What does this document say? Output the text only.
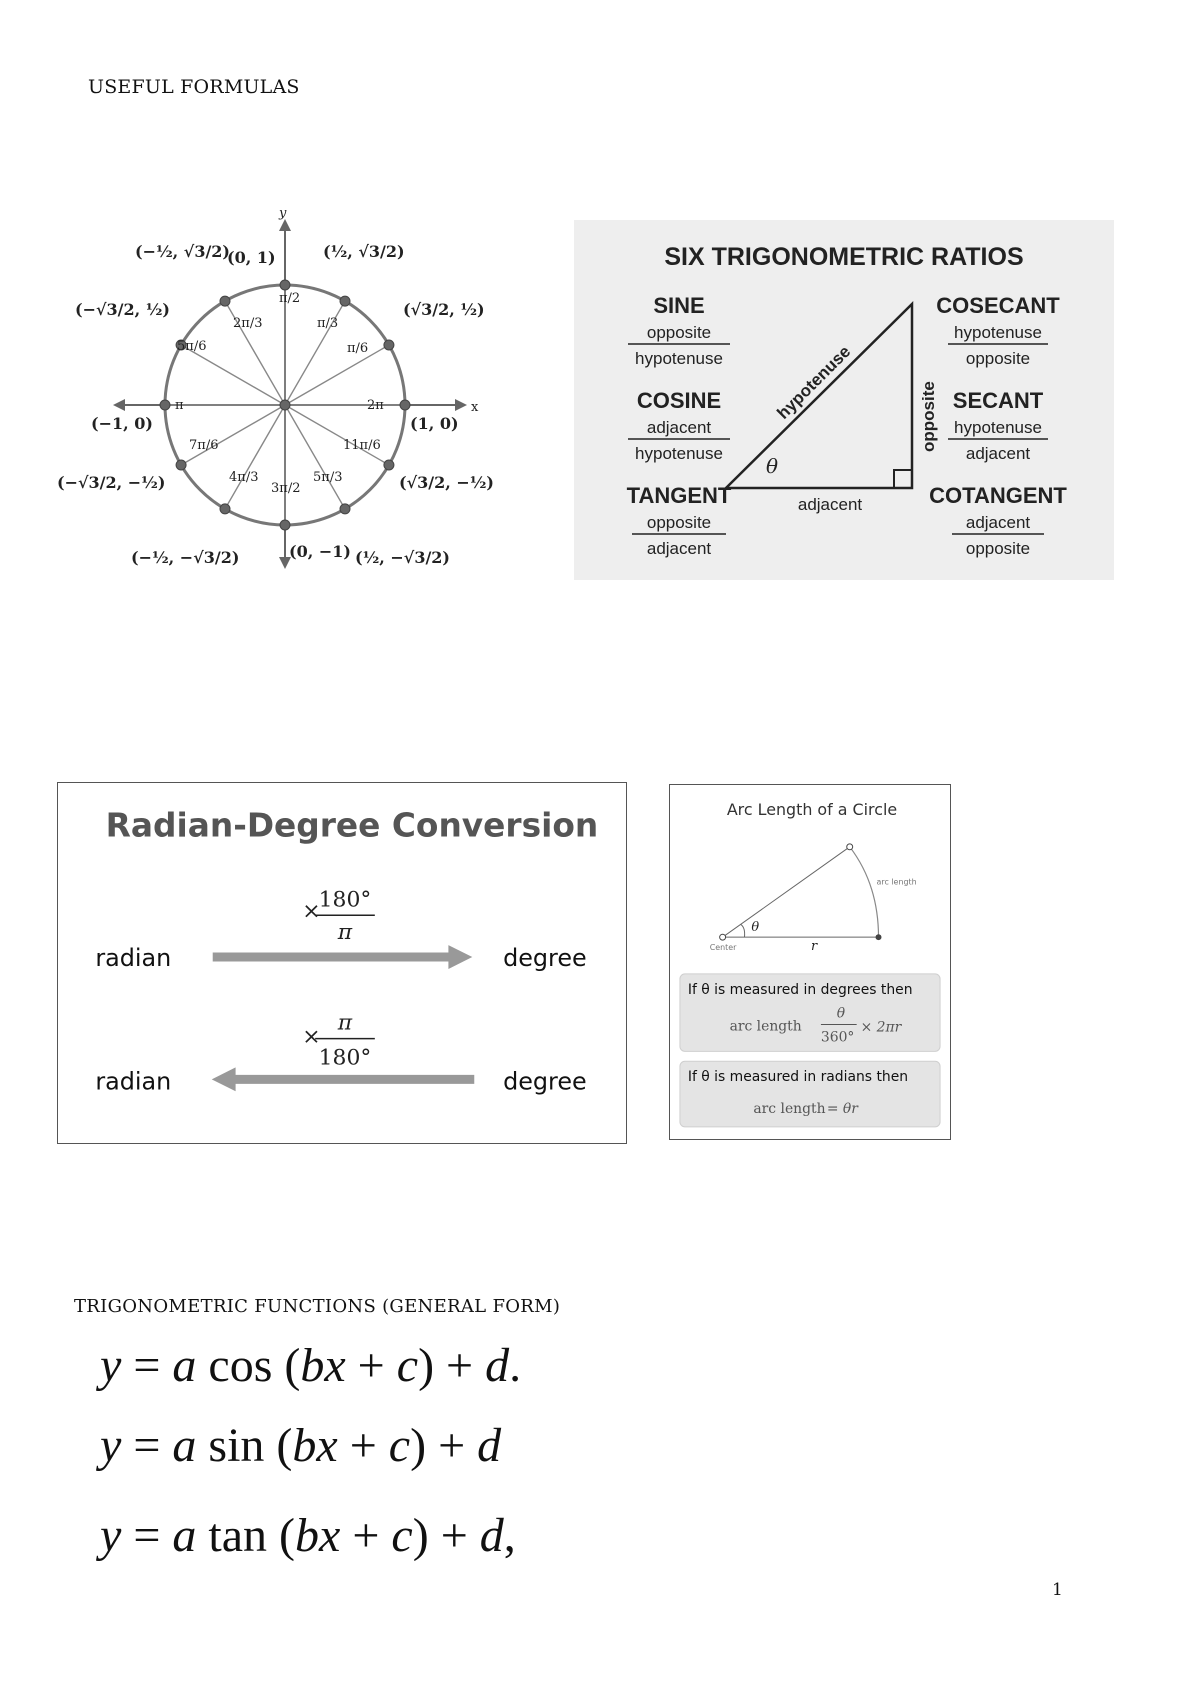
USEFUL FORMULAS
x
y
π/2
2π/3	π/3
5π/6	π/6
π	2π
7π/6	11π/6
4π/3
3π/2
5π/3
(0, 1)
(1, 0)
(−1, 0)
(0, −1)
(−½, √3/2)	(½, √3/2)
(−√3/2, ½)	(√3/2, ½)
(−√3/2, −½)	(√3/2, −½)
(−½, −√3/2)	(½, −√3/2)
SIX TRIGONOMETRIC RATIOS
hypotenuse	opposite
adjacent
θ
SINE
opposite
hypotenuse
COSINE
adjacent
hypotenuse
TANGENT
opposite
adjacent
COSECANT
hypotenuse
opposite
SECANT
hypotenuse
adjacent
COTANGENT
adjacent
opposite
Radian-Degree Conversion
×
180°
π
radian	degree
×
π
180°
radian	degree
Arc Length of a Circle
θ
arc length
Center	r
If θ is measured in degrees then
arc length
θ
360°
× 2πr
If θ is measured in radians then
arc length = θr
TRIGONOMETRIC FUNCTIONS (GENERAL FORM)
y = a cos (bx + c) + d.
y = a sin (bx + c) + d
y = a tan (bx + c) + d,
1
